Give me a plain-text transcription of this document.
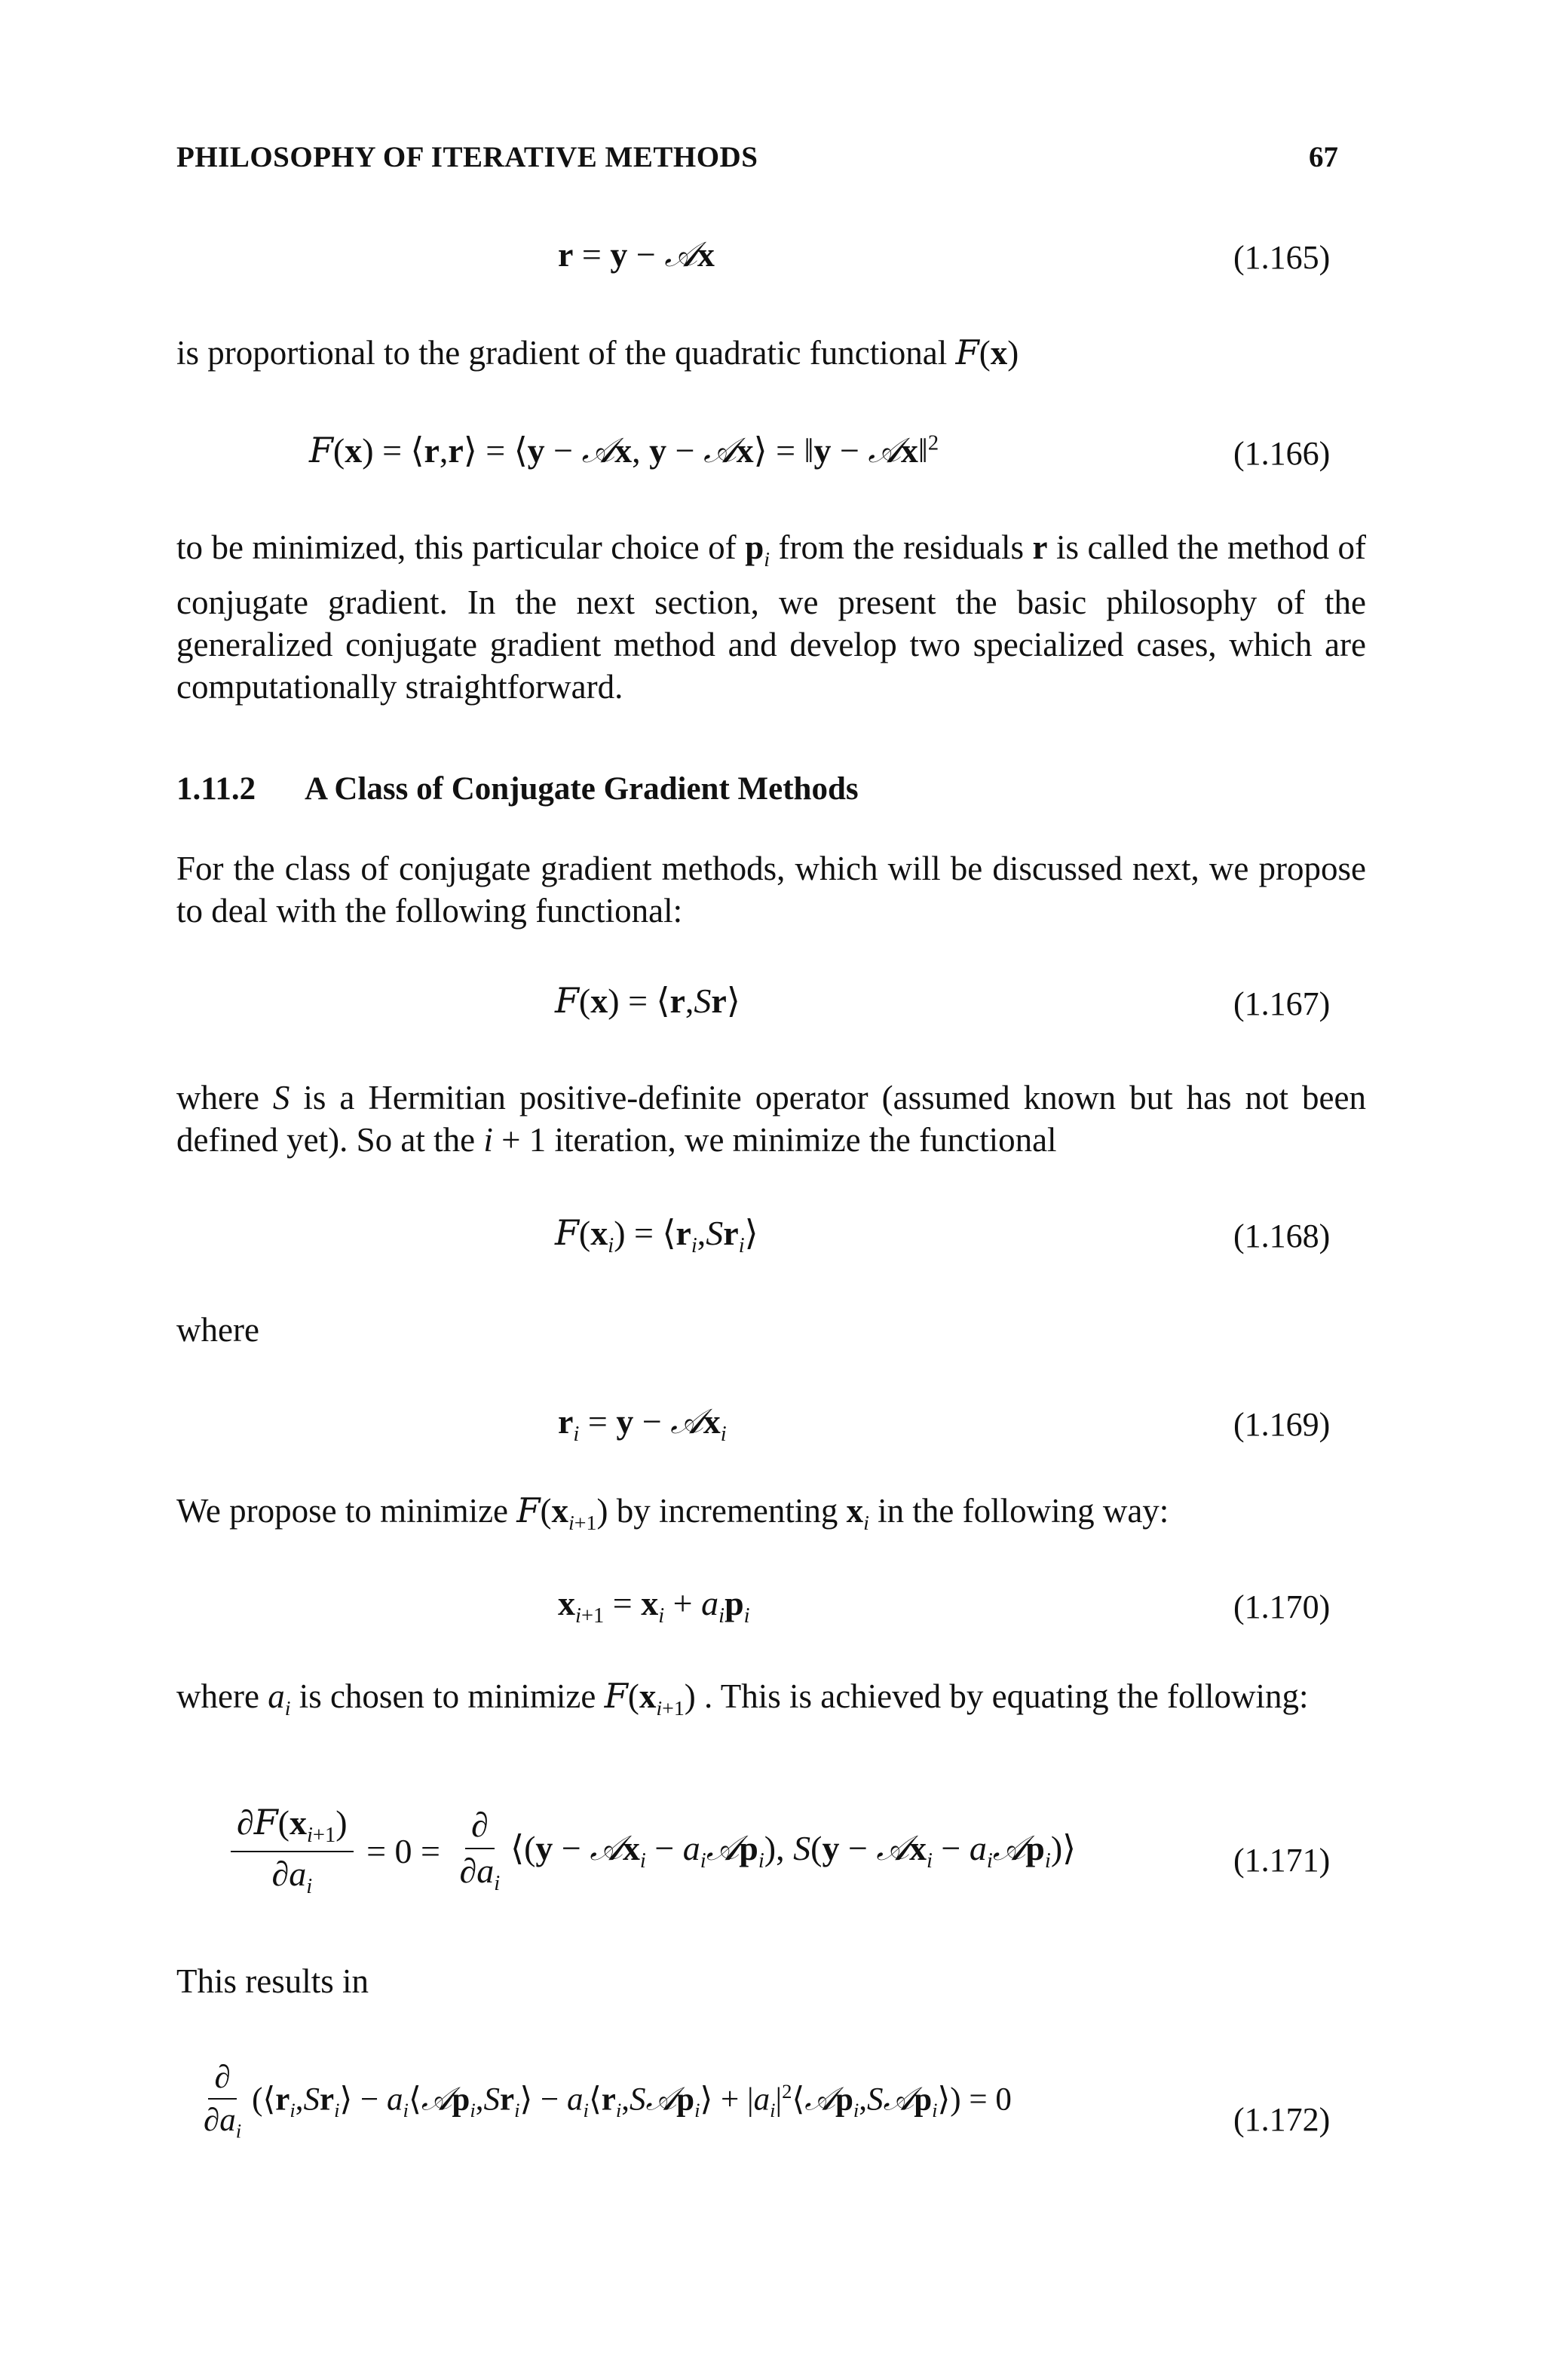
PHILOSOPHY OF ITERATIVE METHODS	67
r = y − 𝒜x	(1.165)
is proportional to the gradient of the quadratic functional F(x)
F(x) = ⟨r,r⟩ = ⟨y − 𝒜x, y − 𝒜x⟩ = ‖y − 𝒜x‖$^2$	(1.166)
to be minimized, this particular choice of $p_i$ from the residuals r is called the method of conjugate gradient. In the next section, we present the basic philosophy of the generalized conjugate gradient method and develop two specialized cases, which are computationally straightforward.
1.11.2 A Class of Conjugate Gradient Methods
For the class of conjugate gradient methods, which will be discussed next, we propose to deal with the following functional:
F(x) = ⟨r,Sr⟩	(1.167)
where S is a Hermitian positive-definite operator (assumed known but has not been defined yet). So at the i + 1 iteration, we minimize the functional
$F(x_i)$ = $⟨r_i,Sr_i⟩$	(1.168)
where
$r_i = y$ − 𝒜x$_i$	(1.169)
We propose to minimize $F(x_{i+1})$ by incrementing $x_i$ in the following way:
$x_{i+1} = x_i + a_ip_i$	(1.170)
where $a_i$ is chosen to minimize $F(x_{i+1})$ . This is achieved by equating the following:
$\frac{\partial F(x_{i+1})}{\partial a_i} = 0 = \frac{\partial}{\partial a_i}$ ⟨(y − 𝒜x$_i$ − $a_i𝒜p_i$), S(y − 𝒜x$_i$ − $a_i𝒜p_i)⟩$	(1.171)
This results in
$\frac{\partial}{\partial a_i}$ ($⟨r_i,Sr_i⟩$ − $a_i⟨𝒜p_i,Sr_i⟩$ − $a_i⟨r_i,S𝒜p_i⟩$ + $|a_i|^2⟨𝒜p_i,S𝒜p_i⟩) = 0$
(1.172)
